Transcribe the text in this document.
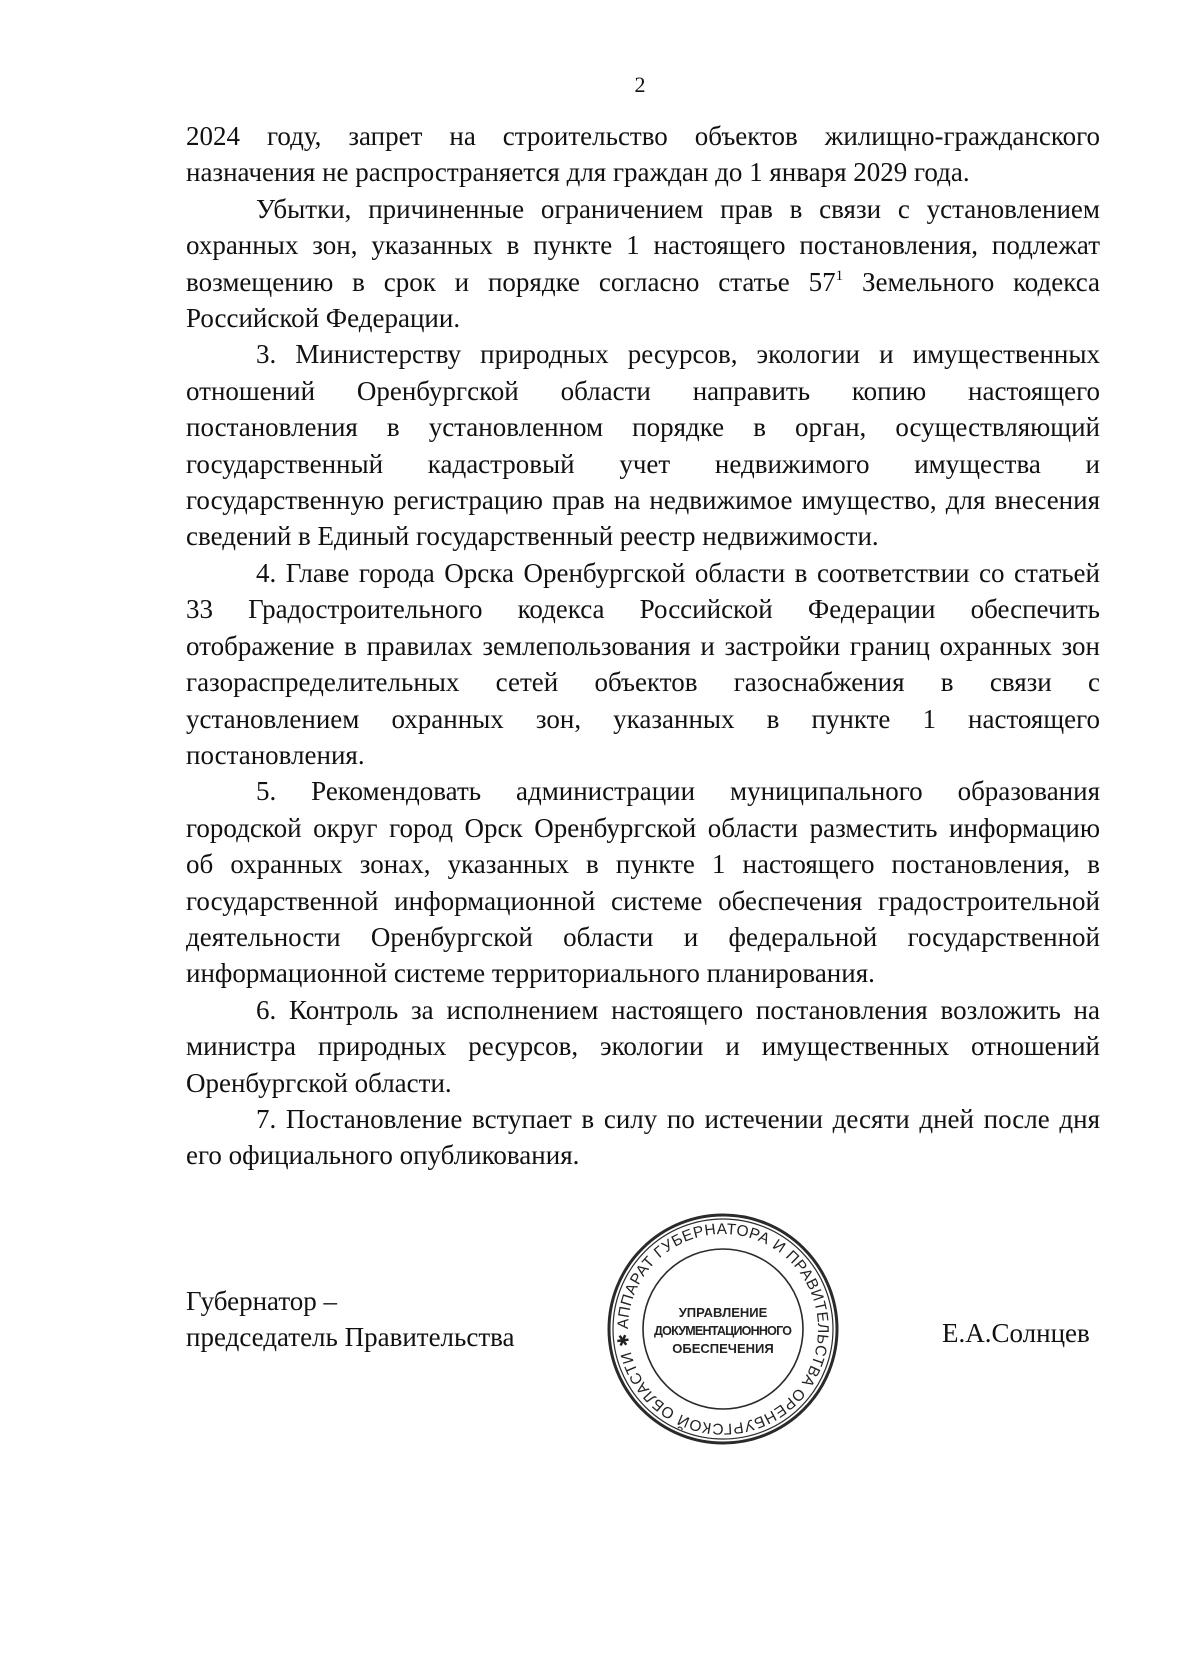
2

2024 году, запрет на строительство объектов жилищно-гражданского назначения не распространяется для граждан до 1 января 2029 года.

Убытки, причиненные ограничением прав в связи с установлением охранных зон, указанных в пункте 1 настоящего постановления, подлежат возмещению в срок и порядке согласно статье $57^1$ Земельного кодекса Российской Федерации.

3. Министерству природных ресурсов, экологии и имущественных отношений Оренбургской области направить копию настоящего постановления в установленном порядке в орган, осуществляющий государственный кадастровый учет недвижимого имущества и государственную регистрацию прав на недвижимое имущество, для внесения сведений в Единый государственный реестр недвижимости.

4. Главе города Орска Оренбургской области в соответствии со статьей 33 Градостроительного кодекса Российской Федерации обеспечить отображение в правилах землепользования и застройки границ охранных зон газораспределительных сетей объектов газоснабжения в связи с установлением охранных зон, указанных в пункте 1 настоящего постановления.

5. Рекомендовать администрации муниципального образования городской округ город Орск Оренбургской области разместить информацию об охранных зонах, указанных в пункте 1 настоящего постановления, в государственной информационной системе обеспечения градостроительной деятельности Оренбургской области и федеральной государственной информационной системе территориального планирования.

6. Контроль за исполнением настоящего постановления возложить на министра природных ресурсов, экологии и имущественных отношений Оренбургской области.

7. Постановление вступает в силу по истечении десяти дней после дня его официального опубликования.

Губернатор –
председатель Правительства	АППАРАТ ГУБЕРНАТОРА И ПРАВИТЕЛЬСТВА ОРЕНБУРГСКОЙ ОБЛАСТИ ✱
УПРАВЛЕНИЕ
ДОКУМЕНТАЦИОННОГО
ОБЕСПЕЧЕНИЯ
Е.А.Солнцев
